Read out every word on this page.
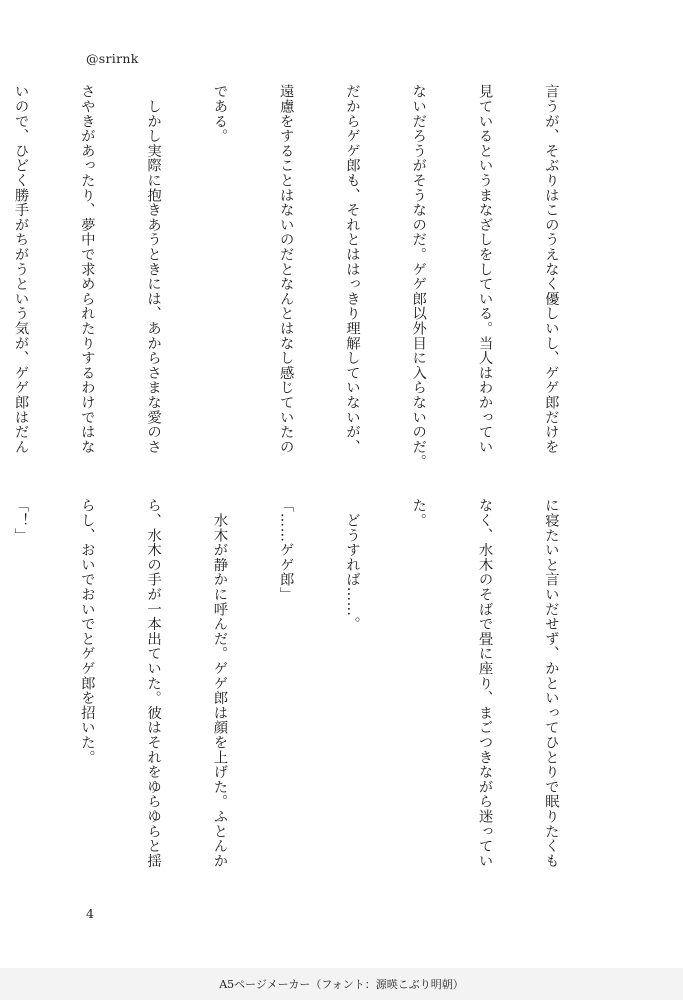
@srirnk

言うが、そぶりはこのうえなく優しいし、ゲゲ郎だけを

見ているというまなざしをしている。当人はわかってい

ないだろうがそうなのだ。ゲゲ郎以外目に入らないのだ。

だからゲゲ郎も、それとははっきり理解していないが、

遠慮をすることはないのだとなんとはなし感じていたの

である。

　しかし実際に抱きあうときには、あからさまな愛のさ

さやきがあったり、夢中で求められたりするわけではな

いので、ひどく勝手がちがうという気が、ゲゲ郎はだん

に寝たいと言いだせず、かといってひとりで眠りたくも

なく、水木のそばで畳に座り、まごつきながら迷ってい

た。

　どうすれば……。

「……ゲゲ郎」

　水木が静かに呼んだ。ゲゲ郎は顔を上げた。ふとんか

ら、水木の手が一本出ていた。彼はそれをゆらゆらと揺

らし、おいでおいでとゲゲ郎を招いた。

「！」

4
A5ページメーカー（フォント：源暎こぶり明朝）
